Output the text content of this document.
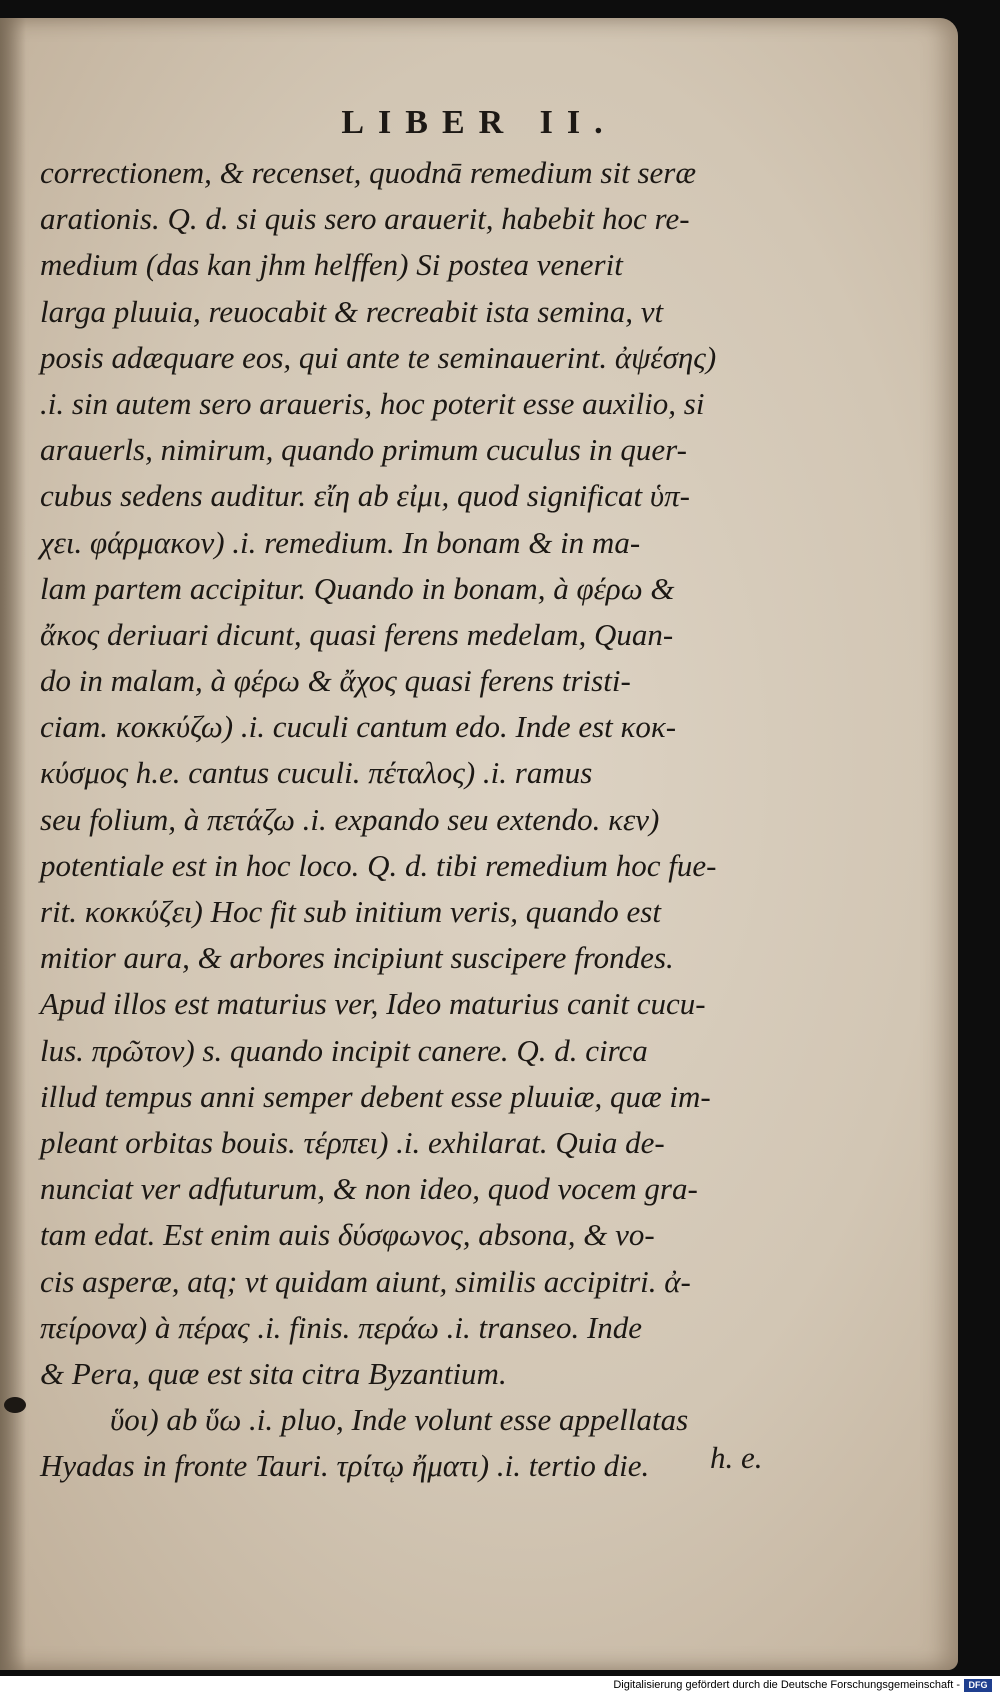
LIBER II.
correctionem, & recenset, quodnā remedium sit seræ
arationis. Q. d. si quis sero arauerit, habebit hoc re-
medium (das kan jhm helffen) Si postea venerit
larga pluuia, reuocabit & recreabit ista semina, vt
posis adæquare eos, qui ante te seminauerint. ἀψέσης)
.i. sin autem sero araueris, hoc poterit esse auxilio, si
arauerls, nimirum, quando primum cuculus in quer-
cubus sedens auditur. εἴη ab εἰμι, quod significat ὑπ-
χει. φάρμακον) .i. remedium. In bonam & in ma-
lam partem accipitur. Quando in bonam, à φέρω &
ἄκος deriuari dicunt, quasi ferens medelam, Quan-
do in malam, à φέρω & ἄχος quasi ferens tristi-
ciam. κοκκύζω) .i. cuculi cantum edo. Inde est κοκ-
κύσμος h.e. cantus cuculi. πέταλος) .i. ramus
seu folium, à πετάζω .i. expando seu extendo. κεν)
potentiale est in hoc loco. Q. d. tibi remedium hoc fue-
rit. κοκκύζει) Hoc fit sub initium veris, quando est
mitior aura, & arbores incipiunt suscipere frondes.
Apud illos est maturius ver, Ideo maturius canit cucu-
lus. πρῶτον) s. quando incipit canere. Q. d. circa
illud tempus anni semper debent esse pluuiæ, quæ im-
pleant orbitas bouis. τέρπει) .i. exhilarat. Quia de-
nunciat ver adfuturum, & non ideo, quod vocem gra-
tam edat. Est enim auis δύσφωνος, absona, & vo-
cis asperæ, atq; vt quidam aiunt, similis accipitri. ἀ-
πείρονα) à πέρας .i. finis. περάω .i. transeo. Inde
& Pera, quæ est sita citra Byzantium.
ὕοι) ab ὕω .i. pluo, Inde volunt esse appellatas
Hyadas in fronte Tauri. τρίτῳ ἤματι) .i. tertio die.	h. e.
Digitalisierung gefördert durch die Deutsche Forschungsgemeinschaft - DFG
